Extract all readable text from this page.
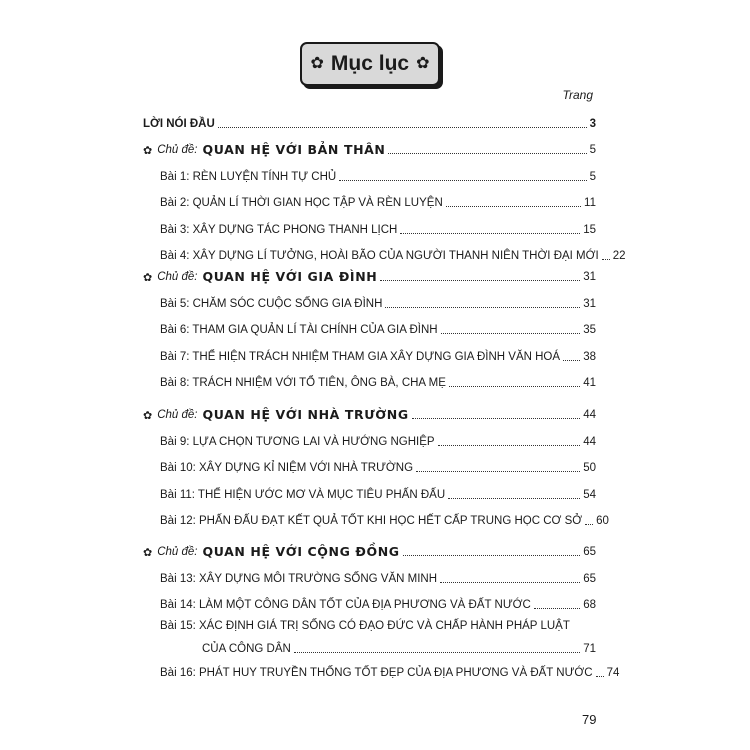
✿ Mục lục ✿
Trang
LỜI NÓI ĐẦU	3
✿ Chủ đề: QUAN HỆ VỚI BẢN THÂN	5
Bài 1: RÈN LUYỆN TÍNH TỰ CHỦ	5
Bài 2: QUẢN LÍ THỜI GIAN HỌC TẬP VÀ RÈN LUYỆN	11
Bài 3: XÂY DỰNG TÁC PHONG THANH LỊCH	15
Bài 4: XÂY DỰNG LÍ TƯỞNG, HOÀI BÃO CỦA NGƯỜI THANH NIÊN THỜI ĐẠI MỚI 22
✿ Chủ đề: QUAN HỆ VỚI GIA ĐÌNH	31
Bài 5: CHĂM SÓC CUỘC SỐNG GIA ĐÌNH	31
Bài 6: THAM GIA QUẢN LÍ TÀI CHÍNH CỦA GIA ĐÌNH	35
Bài 7: THỂ HIỆN TRÁCH NHIỆM THAM GIA XÂY DỰNG GIA ĐÌNH VĂN HOÁ 38
Bài 8: TRÁCH NHIỆM VỚI TỔ TIÊN, ÔNG BÀ, CHA MẸ	41
✿ Chủ đề: QUAN HỆ VỚI NHÀ TRƯỜNG	44
Bài 9: LỰA CHỌN TƯƠNG LAI VÀ HƯỚNG NGHIỆP	44
Bài 10: XÂY DỰNG KỈ NIỆM VỚI NHÀ TRƯỜNG	50
Bài 11: THỂ HIỆN ƯỚC MƠ VÀ MỤC TIÊU PHẤN ĐẤU	54
Bài 12: PHẤN ĐẤU ĐẠT KẾT QUẢ TỐT KHI HỌC HẾT CẤP TRUNG HỌC CƠ SỞ 60
✿ Chủ đề: QUAN HỆ VỚI CỘNG ĐỒNG	65
Bài 13: XÂY DỰNG MÔI TRƯỜNG SỐNG VĂN MINH	65
Bài 14: LÀM MỘT CÔNG DÂN TỐT CỦA ĐỊA PHƯƠNG VÀ ĐẤT NƯỚC	68
Bài 15: XÁC ĐỊNH GIÁ TRỊ SỐNG CÓ ĐẠO ĐỨC VÀ CHẤP HÀNH PHÁP LUẬT
CỦA CÔNG DÂN	71
Bài 16: PHÁT HUY TRUYỀN THỐNG TỐT ĐẸP CỦA ĐỊA PHƯƠNG VÀ ĐẤT NƯỚC 74
79
